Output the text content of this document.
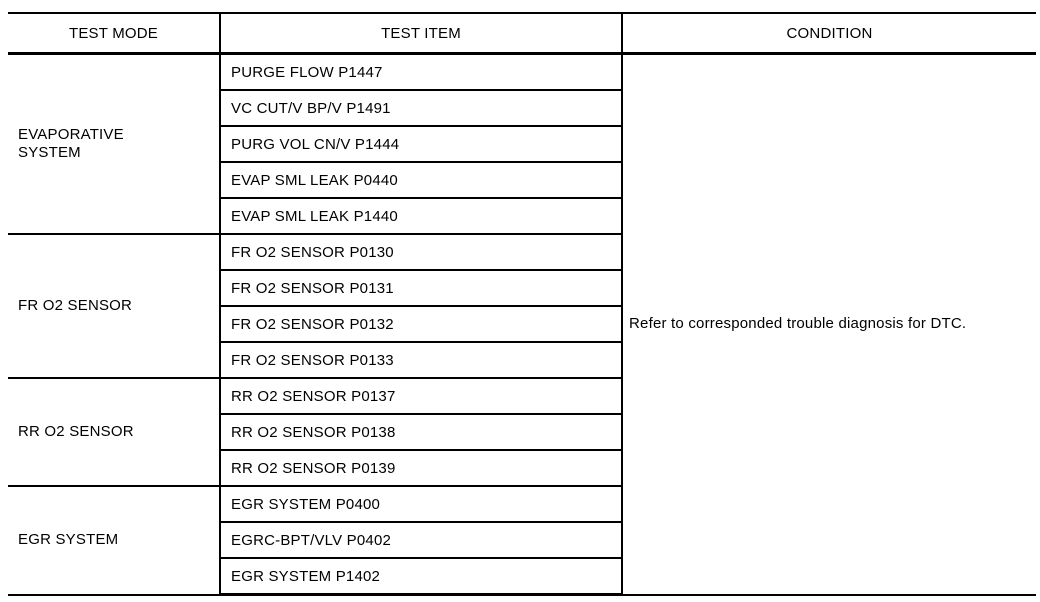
TEST MODE	TEST ITEM	CONDITION
EVAPORATIVE
SYSTEM	PURGE FLOW P1447	Refer to corresponded trouble diagnosis for DTC.
	VC CUT/V BP/V P1491	
	PURG VOL CN/V P1444	
	EVAP SML LEAK P0440	
	EVAP SML LEAK P1440	
FR O2 SENSOR	FR O2 SENSOR P0130	
	FR O2 SENSOR P0131	
	FR O2 SENSOR P0132	
	FR O2 SENSOR P0133	
RR O2 SENSOR	RR O2 SENSOR P0137	
	RR O2 SENSOR P0138	
	RR O2 SENSOR P0139	
EGR SYSTEM	EGR SYSTEM P0400	
	EGRC-BPT/VLV P0402	
	EGR SYSTEM P1402	
